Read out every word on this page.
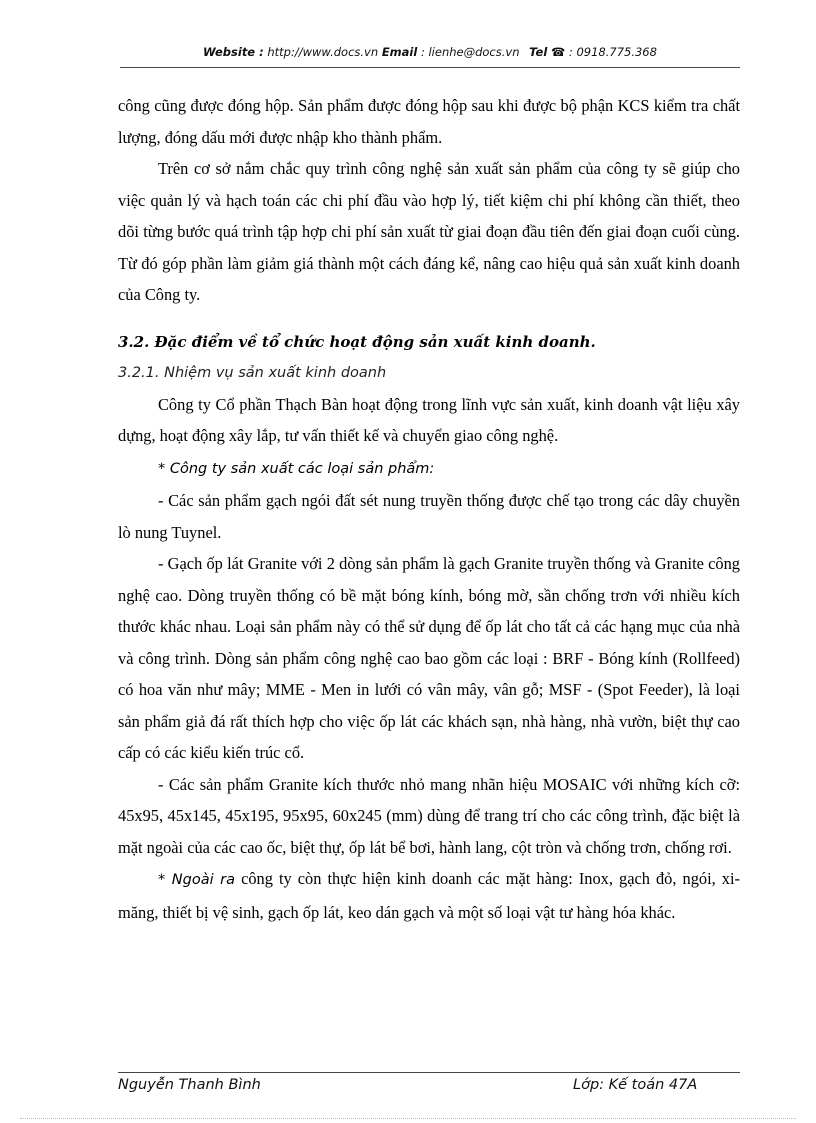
Website : http://www.docs.vn Email : lienhe@docs.vn Tel ☎ : 0918.775.368

công cũng được đóng hộp. Sản phẩm được đóng hộp sau khi được bộ phận KCS kiểm tra chất lượng, đóng dấu mới được nhập kho thành phẩm.

Trên cơ sở nắm chắc quy trình công nghệ sản xuất sản phẩm của công ty sẽ giúp cho việc quản lý và hạch toán các chi phí đầu vào hợp lý, tiết kiệm chi phí không cần thiết, theo dõi từng bước quá trình tập hợp chi phí sản xuất từ giai đoạn đầu tiên đến giai đoạn cuối cùng. Từ đó góp phần làm giảm giá thành một cách đáng kể, nâng cao hiệu quả sản xuất kinh doanh của Công ty.

3.2. Đặc điểm về tổ chức hoạt động sản xuất kinh doanh.

3.2.1. Nhiệm vụ sản xuất kinh doanh

Công ty Cổ phần Thạch Bàn hoạt động trong lĩnh vực sản xuất, kinh doanh vật liệu xây dựng, hoạt động xây lắp, tư vấn thiết kế và chuyển giao công nghệ.

* Công ty sản xuất các loại sản phẩm:

- Các sản phẩm gạch ngói đất sét nung truyền thống được chế tạo trong các dây chuyền lò nung Tuynel.

- Gạch ốp lát Granite với 2 dòng sản phẩm là gạch Granite truyền thống và Granite công nghệ cao. Dòng truyền thống có bề mặt bóng kính, bóng mờ, sần chống trơn với nhiều kích thước khác nhau. Loại sản phẩm này có thể sử dụng để ốp lát cho tất cả các hạng mục của nhà và công trình. Dòng sản phẩm công nghệ cao bao gồm các loại : BRF - Bóng kính (Rollfeed) có hoa văn như mây; MME - Men in lưới có vân mây, vân gỗ; MSF - (Spot Feeder), là loại sản phẩm giả đá rất thích hợp cho việc ốp lát các khách sạn, nhà hàng, nhà vườn, biệt thự cao cấp có các kiểu kiến trúc cổ.

- Các sản phẩm Granite kích thước nhỏ mang nhãn hiệu MOSAIC với những kích cỡ: 45x95, 45x145, 45x195, 95x95, 60x245 (mm) dùng để trang trí cho các công trình, đặc biệt là mặt ngoài của các cao ốc, biệt thự, ốp lát bể bơi, hành lang, cột tròn và chống trơn, chống rơi.

* Ngoài ra công ty còn thực hiện kinh doanh các mặt hàng: Inox, gạch đỏ, ngói, xi-măng, thiết bị vệ sinh, gạch ốp lát, keo dán gạch và một số loại vật tư hàng hóa khác.

Nguyễn Thanh Bình	Lớp: Kế toán 47A
